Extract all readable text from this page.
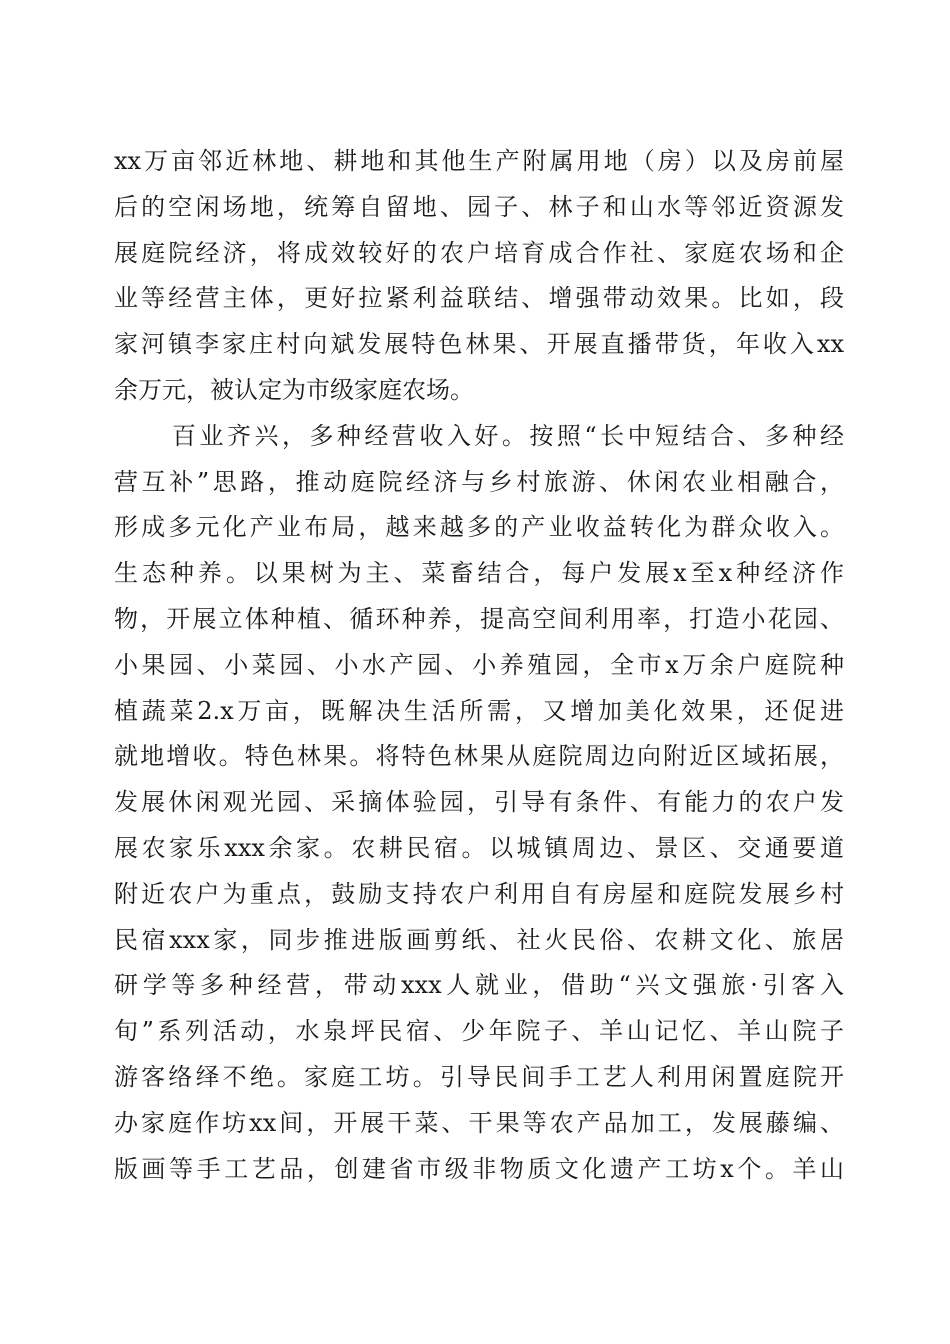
xx万亩邻近林地、耕地和其他生产附属用地（房）以及房前屋
后的空闲场地，统筹自留地、园子、林子和山水等邻近资源发
展庭院经济，将成效较好的农户培育成合作社、家庭农场和企
业等经营主体，更好拉紧利益联结、增强带动效果。比如，段
家河镇李家庄村向斌发展特色林果、开展直播带货，年收入xx
余万元，被认定为市级家庭农场。
百业齐兴，多种经营收入好。按照“长中短结合、多种经
营互补”思路，推动庭院经济与乡村旅游、休闲农业相融合，
形成多元化产业布局，越来越多的产业收益转化为群众收入。
生态种养。以果树为主、菜畜结合，每户发展x至x种经济作
物，开展立体种植、循环种养，提高空间利用率，打造小花园、
小果园、小菜园、小水产园、小养殖园，全市x万余户庭院种
植蔬菜2.x万亩，既解决生活所需，又增加美化效果，还促进
就地增收。特色林果。将特色林果从庭院周边向附近区域拓展，
发展休闲观光园、采摘体验园，引导有条件、有能力的农户发
展农家乐xxx余家。农耕民宿。以城镇周边、景区、交通要道
附近农户为重点，鼓励支持农户利用自有房屋和庭院发展乡村
民宿xxx家，同步推进版画剪纸、社火民俗、农耕文化、旅居
研学等多种经营，带动xxx人就业，借助“兴文强旅·引客入
旬”系列活动，水泉坪民宿、少年院子、羊山记忆、羊山院子
游客络绎不绝。家庭工坊。引导民间手工艺人利用闲置庭院开
办家庭作坊xx间，开展干菜、干果等农产品加工，发展藤编、
版画等手工艺品，创建省市级非物质文化遗产工坊x个。羊山
